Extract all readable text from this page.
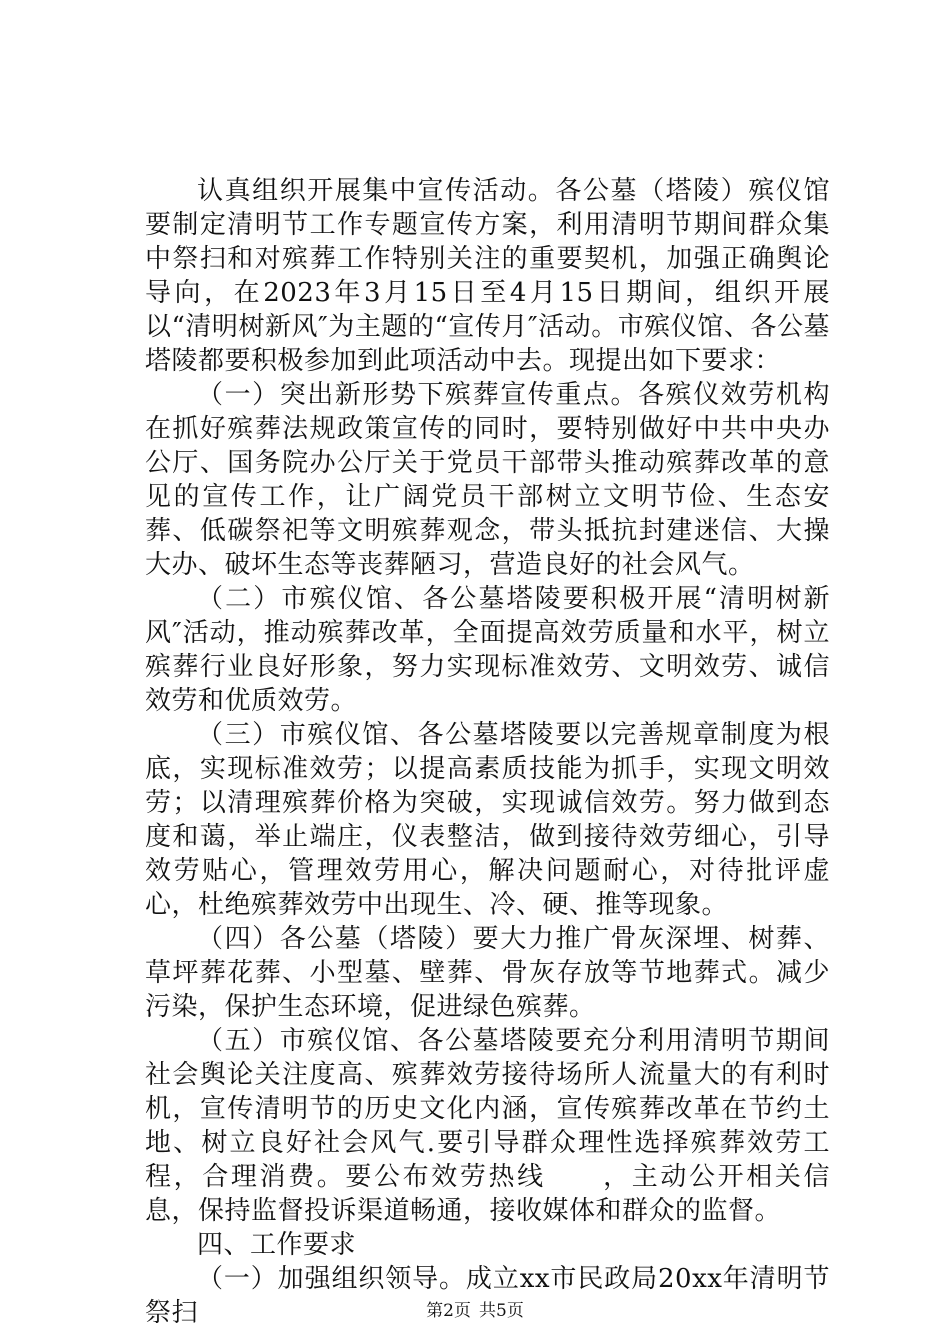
认真组织开展集中宣传活动。各公墓（塔陵）殡仪馆要制定清明节工作专题宣传方案，利用清明节期间群众集中祭扫和对殡葬工作特别关注的重要契机，加强正确舆论导向，在2023年3月15日至4月15日期间，组织开展以“清明树新风″为主题的“宣传月″活动。市殡仪馆、各公墓塔陵都要积极参加到此项活动中去。现提出如下要求：

（一）突出新形势下殡葬宣传重点。各殡仪效劳机构在抓好殡葬法规政策宣传的同时，要特别做好中共中央办公厅、国务院办公厅关于党员干部带头推动殡葬改革的意见的宣传工作，让广阔党员干部树立文明节俭、生态安葬、低碳祭祀等文明殡葬观念，带头抵抗封建迷信、大操大办、破坏生态等丧葬陋习，营造良好的社会风气。

（二）市殡仪馆、各公墓塔陵要积极开展“清明树新风″活动，推动殡葬改革，全面提高效劳质量和水平，树立殡葬行业良好形象，努力实现标准效劳、文明效劳、诚信效劳和优质效劳。

（三）市殡仪馆、各公墓塔陵要以完善规章制度为根底，实现标准效劳；以提高素质技能为抓手，实现文明效劳；以清理殡葬价格为突破，实现诚信效劳。努力做到态度和蔼，举止端庄，仪表整洁，做到接待效劳细心，引导效劳贴心，管理效劳用心，解决问题耐心，对待批评虚心，杜绝殡葬效劳中出现生、冷、硬、推等现象。

（四）各公墓（塔陵）要大力推广骨灰深埋、树葬、草坪葬花葬、小型墓、壁葬、骨灰存放等节地葬式。减少污染，保护生态环境，促进绿色殡葬。

（五）市殡仪馆、各公墓塔陵要充分利用清明节期间社会舆论关注度高、殡葬效劳接待场所人流量大的有利时机，宣传清明节的历史文化内涵，宣传殡葬改革在节约土地、树立良好社会风气.要引导群众理性选择殡葬效劳工程，合理消费。要公布效劳热线　　，主动公开相关信息，保持监督投诉渠道畅通，接收媒体和群众的监督。

四、工作要求

（一）加强组织领导。成立xx市民政局20xx年清明节祭扫	第2页 共5页
